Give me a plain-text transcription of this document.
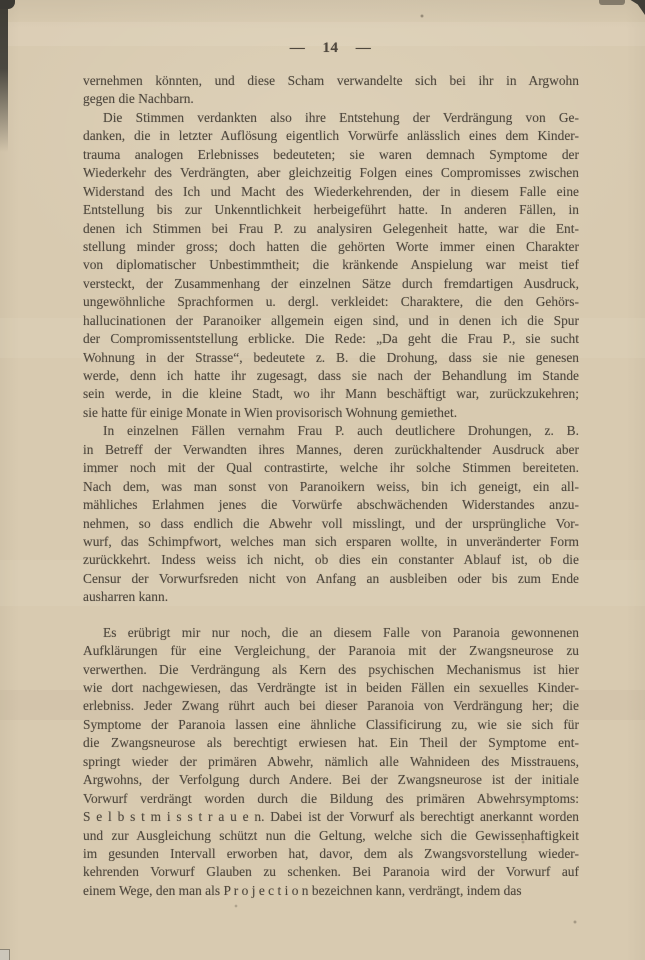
— 14 —
vernehmen könnten, und diese Scham verwandelte sich bei ihr in Argwohn
gegen die Nachbarn.
Die Stimmen verdankten also ihre Entstehung der Verdrängung von Ge-
danken, die in letzter Auflösung eigentlich Vorwürfe anlässlich eines dem Kinder-
trauma analogen Erlebnisses bedeuteten; sie waren demnach Symptome der
Wiederkehr des Verdrängten, aber gleichzeitig Folgen eines Compromisses zwischen
Widerstand des Ich und Macht des Wiederkehrenden, der in diesem Falle eine
Entstellung bis zur Unkenntlichkeit herbeigeführt hatte. In anderen Fällen, in
denen ich Stimmen bei Frau P. zu analysiren Gelegenheit hatte, war die Ent-
stellung minder gross; doch hatten die gehörten Worte immer einen Charakter
von diplomatischer Unbestimmtheit; die kränkende Anspielung war meist tief
versteckt, der Zusammenhang der einzelnen Sätze durch fremdartigen Ausdruck,
ungewöhnliche Sprachformen u. dergl. verkleidet: Charaktere, die den Gehörs-
hallucinationen der Paranoiker allgemein eigen sind, und in denen ich die Spur
der Compromissentstellung erblicke. Die Rede: „Da geht die Frau P., sie sucht
Wohnung in der Strasse“, bedeutete z. B. die Drohung, dass sie nie genesen
werde, denn ich hatte ihr zugesagt, dass sie nach der Behandlung im Stande
sein werde, in die kleine Stadt, wo ihr Mann beschäftigt war, zurückzukehren;
sie hatte für einige Monate in Wien provisorisch Wohnung gemiethet.
In einzelnen Fällen vernahm Frau P. auch deutlichere Drohungen, z. B.
in Betreff der Verwandten ihres Mannes, deren zurückhaltender Ausdruck aber
immer noch mit der Qual contrastirte, welche ihr solche Stimmen bereiteten.
Nach dem, was man sonst von Paranoikern weiss, bin ich geneigt, ein all-
mähliches Erlahmen jenes die Vorwürfe abschwächenden Widerstandes anzu-
nehmen, so dass endlich die Abwehr voll misslingt, und der ursprüngliche Vor-
wurf, das Schimpfwort, welches man sich ersparen wollte, in unveränderter Form
zurückkehrt. Indess weiss ich nicht, ob dies ein constanter Ablauf ist, ob die
Censur der Vorwurfsreden nicht von Anfang an ausbleiben oder bis zum Ende
ausharren kann.
Es erübrigt mir nur noch, die an diesem Falle von Paranoia gewonnenen
Aufklärungen für eine Vergleichung der Paranoia mit der Zwangsneurose zu
verwerthen. Die Verdrängung als Kern des psychischen Mechanismus ist hier
wie dort nachgewiesen, das Verdrängte ist in beiden Fällen ein sexuelles Kinder-
erlebniss. Jeder Zwang rührt auch bei dieser Paranoia von Verdrängung her; die
Symptome der Paranoia lassen eine ähnliche Classificirung zu, wie sie sich für
die Zwangsneurose als berechtigt erwiesen hat. Ein Theil der Symptome ent-
springt wieder der primären Abwehr, nämlich alle Wahnideen des Misstrauens,
Argwohns, der Verfolgung durch Andere. Bei der Zwangsneurose ist der initiale
Vorwurf verdrängt worden durch die Bildung des primären Abwehrsymptoms:
S e l b s t m i s s t r a u e n. Dabei ist der Vorwurf als berechtigt anerkannt worden
und zur Ausgleichung schützt nun die Geltung, welche sich die Gewissenhaftigkeit
im gesunden Intervall erworben hat, davor, dem als Zwangsvorstellung wieder-
kehrenden Vorwurf Glauben zu schenken. Bei Paranoia wird der Vorwurf auf
einem Wege, den man als P r o j e c t i o n bezeichnen kann, verdrängt, indem das
